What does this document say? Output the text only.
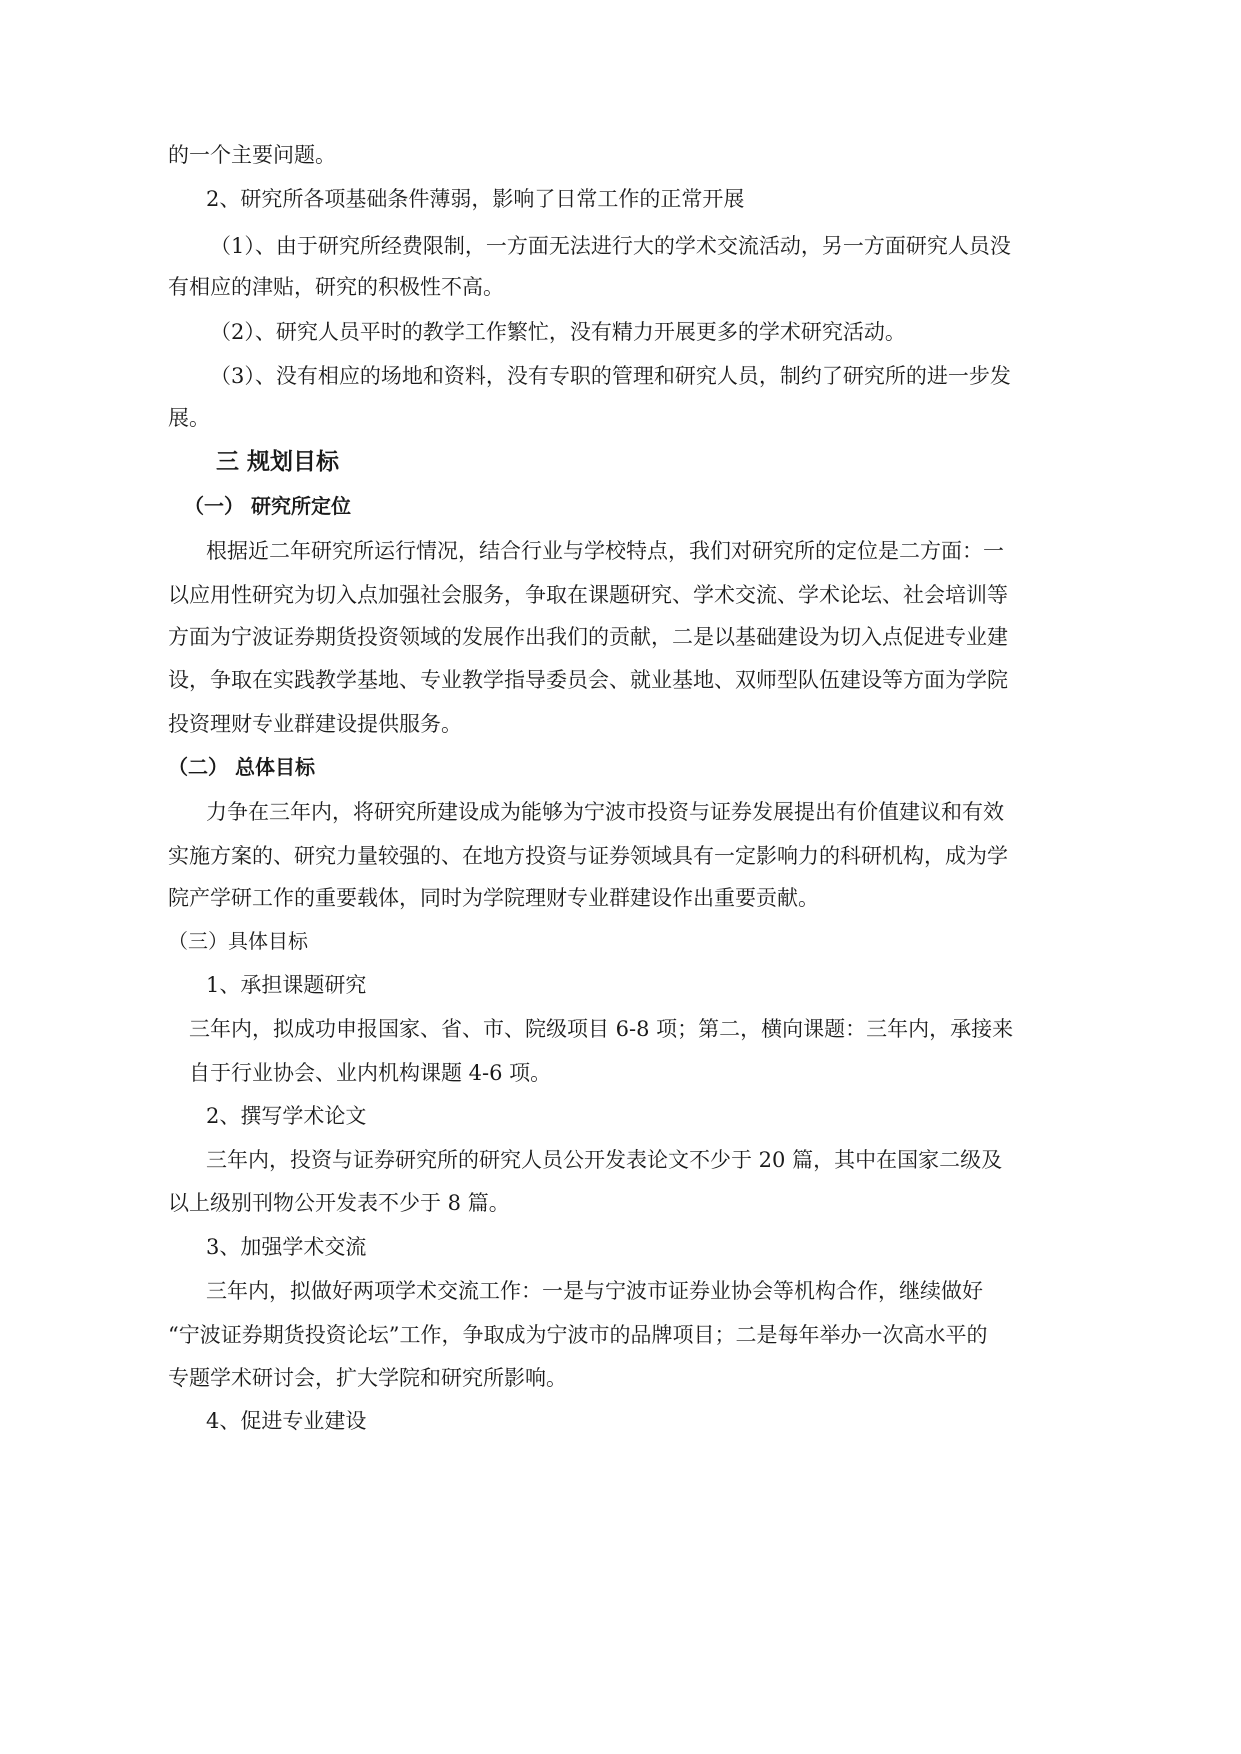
的一个主要问题。
2、研究所各项基础条件薄弱，影响了日常工作的正常开展
（1）、由于研究所经费限制，一方面无法进行大的学术交流活动，另一方面研究人员没
有相应的津贴，研究的积极性不高。
（2）、研究人员平时的教学工作繁忙，没有精力开展更多的学术研究活动。
（3）、没有相应的场地和资料，没有专职的管理和研究人员，制约了研究所的进一步发
展。
三 规划目标
（一） 研究所定位
根据近二年研究所运行情况，结合行业与学校特点，我们对研究所的定位是二方面：一
以应用性研究为切入点加强社会服务，争取在课题研究、学术交流、学术论坛、社会培训等
方面为宁波证券期货投资领域的发展作出我们的贡献，二是以基础建设为切入点促进专业建
设，争取在实践教学基地、专业教学指导委员会、就业基地、双师型队伍建设等方面为学院
投资理财专业群建设提供服务。
（二） 总体目标
力争在三年内，将研究所建设成为能够为宁波市投资与证券发展提出有价值建议和有效
实施方案的、研究力量较强的、在地方投资与证券领域具有一定影响力的科研机构，成为学
院产学研工作的重要载体，同时为学院理财专业群建设作出重要贡献。
（三）具体目标
1、承担课题研究
三年内，拟成功申报国家、省、市、院级项目 6-8 项；第二，横向课题：三年内，承接来
自于行业协会、业内机构课题 4-6 项。
2、撰写学术论文
三年内，投资与证券研究所的研究人员公开发表论文不少于 20 篇，其中在国家二级及
以上级别刊物公开发表不少于 8 篇。
3、加强学术交流
三年内，拟做好两项学术交流工作：一是与宁波市证券业协会等机构合作，继续做好
“宁波证券期货投资论坛”工作，争取成为宁波市的品牌项目；二是每年举办一次高水平的
专题学术研讨会，扩大学院和研究所影响。
4、促进专业建设
